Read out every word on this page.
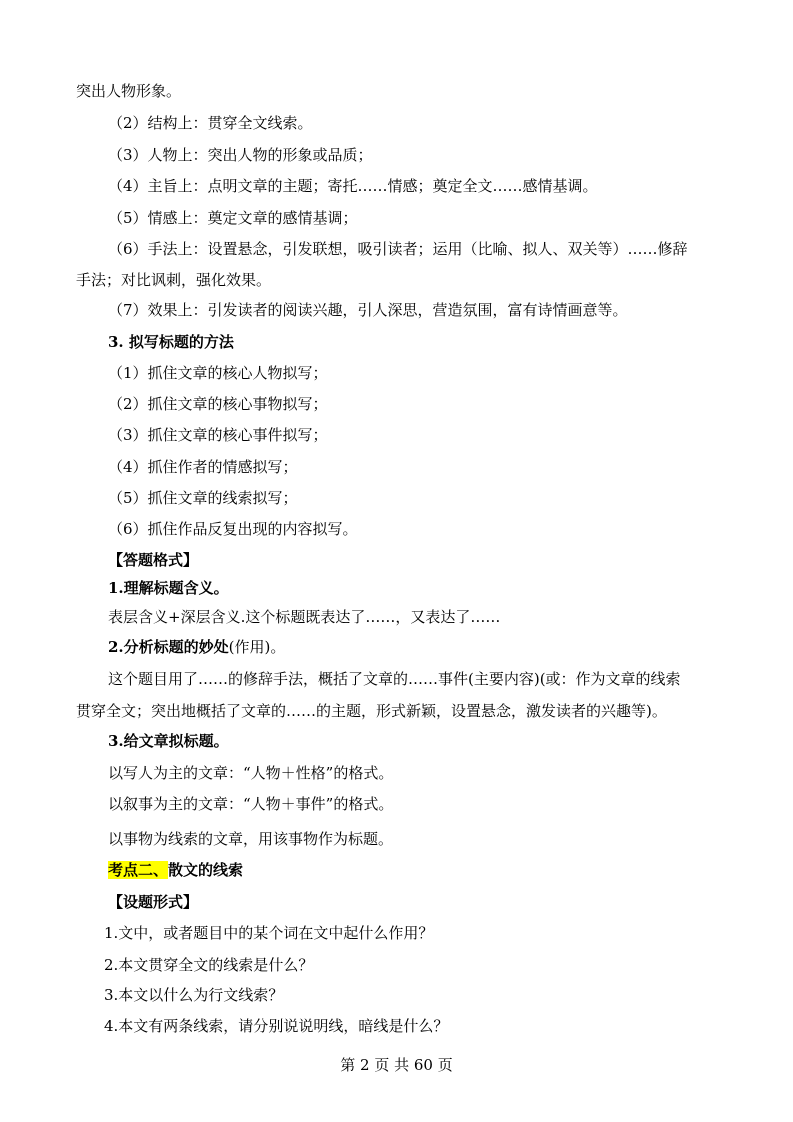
突出人物形象。
（2）结构上：贯穿全文线索。
（3）人物上：突出人物的形象或品质；
（4）主旨上：点明文章的主题；寄托……情感；奠定全文……感情基调。
（5）情感上：奠定文章的感情基调；
（6）手法上：设置悬念，引发联想，吸引读者；运用（比喻、拟人、双关等）……修辞
手法；对比讽刺，强化效果。
（7）效果上：引发读者的阅读兴趣，引人深思，营造氛围，富有诗情画意等。
3. 拟写标题的方法
（1）抓住文章的核心人物拟写；
（2）抓住文章的核心事物拟写；
（3）抓住文章的核心事件拟写；
（4）抓住作者的情感拟写；
（5）抓住文章的线索拟写；
（6）抓住作品反复出现的内容拟写。
【答题格式】
1.理解标题含义。
表层含义+深层含义.这个标题既表达了……，又表达了……
2.分析标题的妙处(作用)。
这个题目用了……的修辞手法，概括了文章的……事件(主要内容)(或：作为文章的线索
贯穿全文；突出地概括了文章的……的主题，形式新颖，设置悬念，激发读者的兴趣等)。
3.给文章拟标题。
以写人为主的文章：“人物＋性格”的格式。
以叙事为主的文章：“人物＋事件”的格式。
以事物为线索的文章，用该事物作为标题。
考点二、散文的线索
【设题形式】
1.文中，或者题目中的某个词在文中起什么作用？
2.本文贯穿全文的线索是什么？
3.本文以什么为行文线索？
4.本文有两条线索，请分别说说明线，暗线是什么？
第 2 页 共 60 页
